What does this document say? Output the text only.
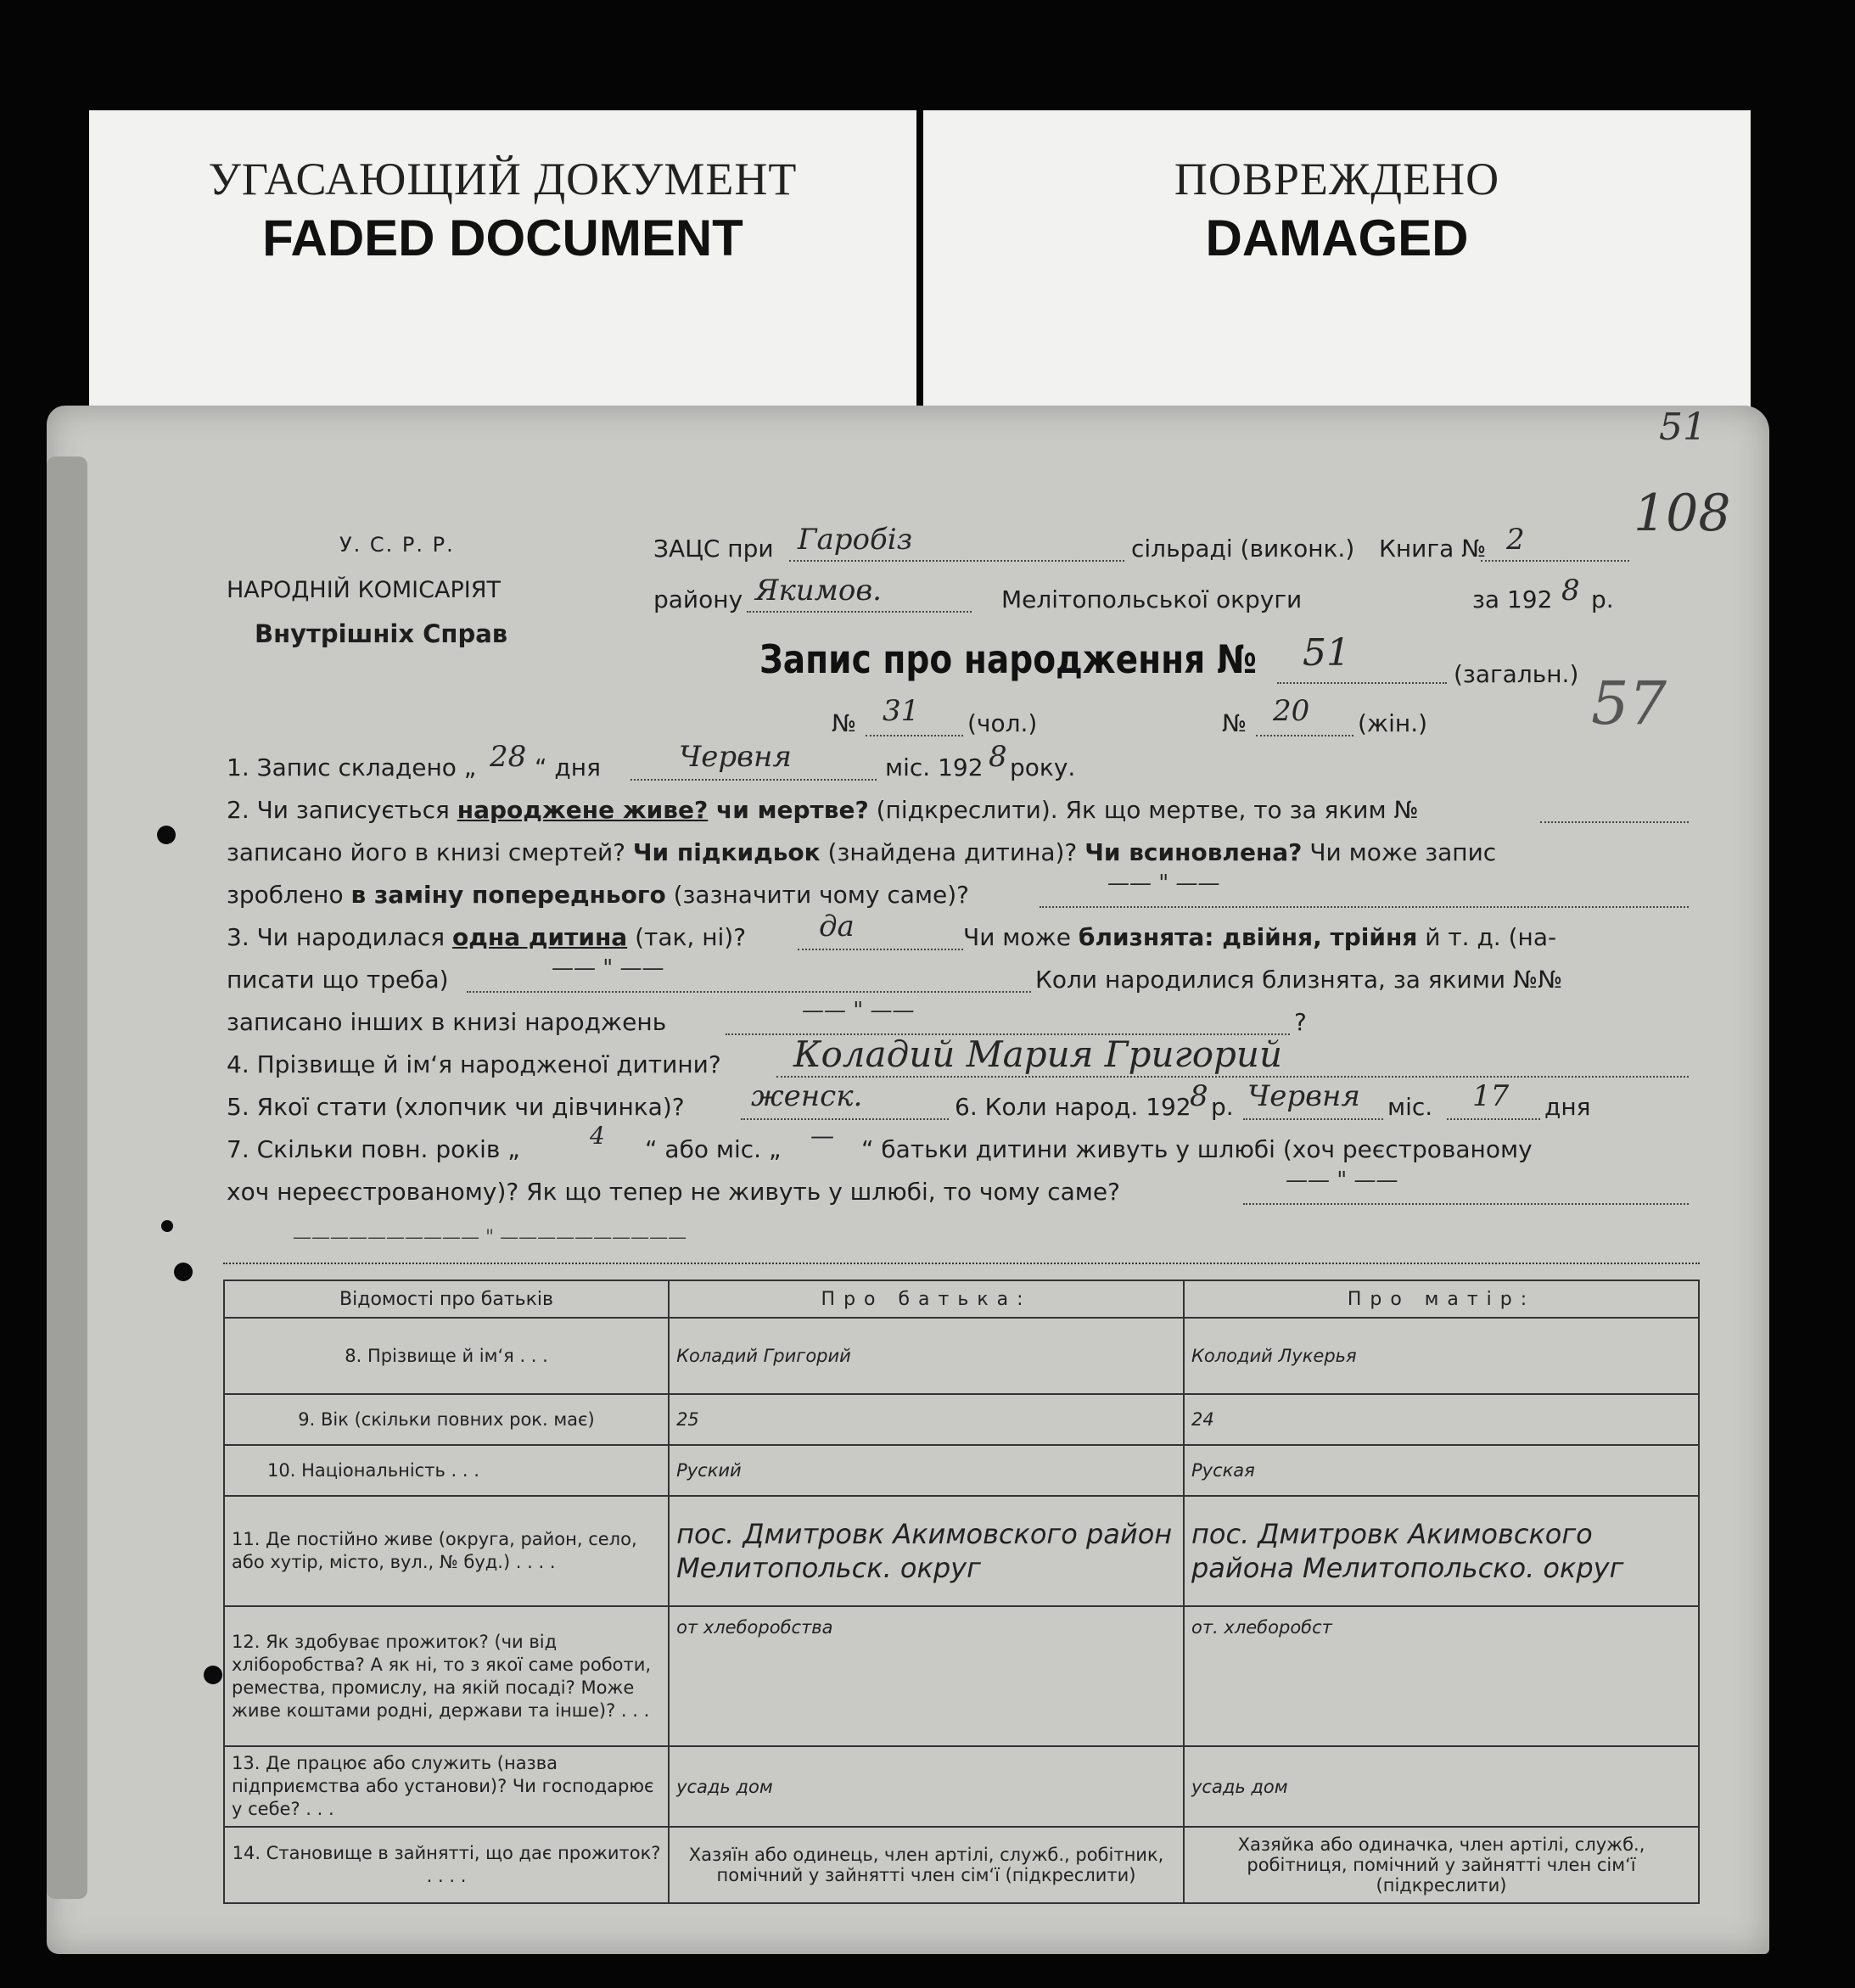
УГАСАЮЩИЙ ДОКУМЕНТ
FADED DOCUMENT
ПОВРЕЖДЕНО
DAMAGED
51
108
57
У. С. Р. Р.
НАРОДНІЙ КОМІСАРІЯТ
Внутрішніх Справ
ЗАЦС при Гаробіз	сільраді (виконк.) Книга № 2
району Якимов.	Мелітопольської округи	за 192 8 р.
Запис про народження № 51	(загальн.)
№ 31 (чол.)	№ 20 (жін.)
1. Запис складено „ 28 “ дня	Червня	міс. 192 8 року.
2. Чи записується народжене живе? чи мертве? (підкреслити). Як що мертве, то за яким №
записано його в книзі смертей? Чи підкидьок (знайдена дитина)? Чи всиновлена? Чи може запис
зроблено в заміну попереднього (зазначити чому саме)?	—— " ——
3. Чи народилася одна дитина (так, ні)?	да	Чи може близнята: двійня, трійня й т. д. (на-
писати що треба)	—— " ——	Коли народилися близнята, за якими №№
записано інших в книзі народжень	—— " ——	?
4. Прізвище й ім‘я народженої дитини? Коладий Мария Григорий
5. Якої стати (хлопчик чи дівчинка)? женск.	6. Коли народ. 192
8 р. Червня міс. 17 дня
7. Скільки повн. років „	4 “ або міс. „ — “ батьки дитини живуть у шлюбі (хоч реєстрованому
хоч нереєстрованому)? Як що тепер не живуть у шлюбі, то чому саме?	—— " ——
—————————— " ——————————
Відомості про батьків	Про батька:	Про матір:
8. Прізвище й ім‘я . . .	Коладий Григорий	Колодий Лукерья
9. Вік (скільки повних рок. має)	25	24
10. Національність . . .	Руский	Руская
11. Де постійно живе (округа, район, село, або хутір, місто, вул., № буд.) . . . .	пос. Дмитровк Акимовского район Мелитопольск. округ	пос. Дмитровк Акимовского района Мелитопольско. округ
12. Як здобуває прожиток? (чи від хліборобства? А як ні, то з якої саме роботи, ремества, промислу, на якій посаді? Може живе коштами родні, держави та інше)? . . .	от хлеборобства	от. хлеборобст
13. Де працює або служить (назва підприємства або установи)? Чи господарює у себе? . . .	усадь дом	усадь дом
14. Становище в зайнятті, що дає прожиток? . . . .	Хазяїн або одинець, член артілі, служб., робітник, помічний у зайнятті член сім‘ї (підкреслити)	Хазяйка або одиначка, член артілі, служб., робітниця, помічний у зайнятті член сім‘ї (підкреслити)
